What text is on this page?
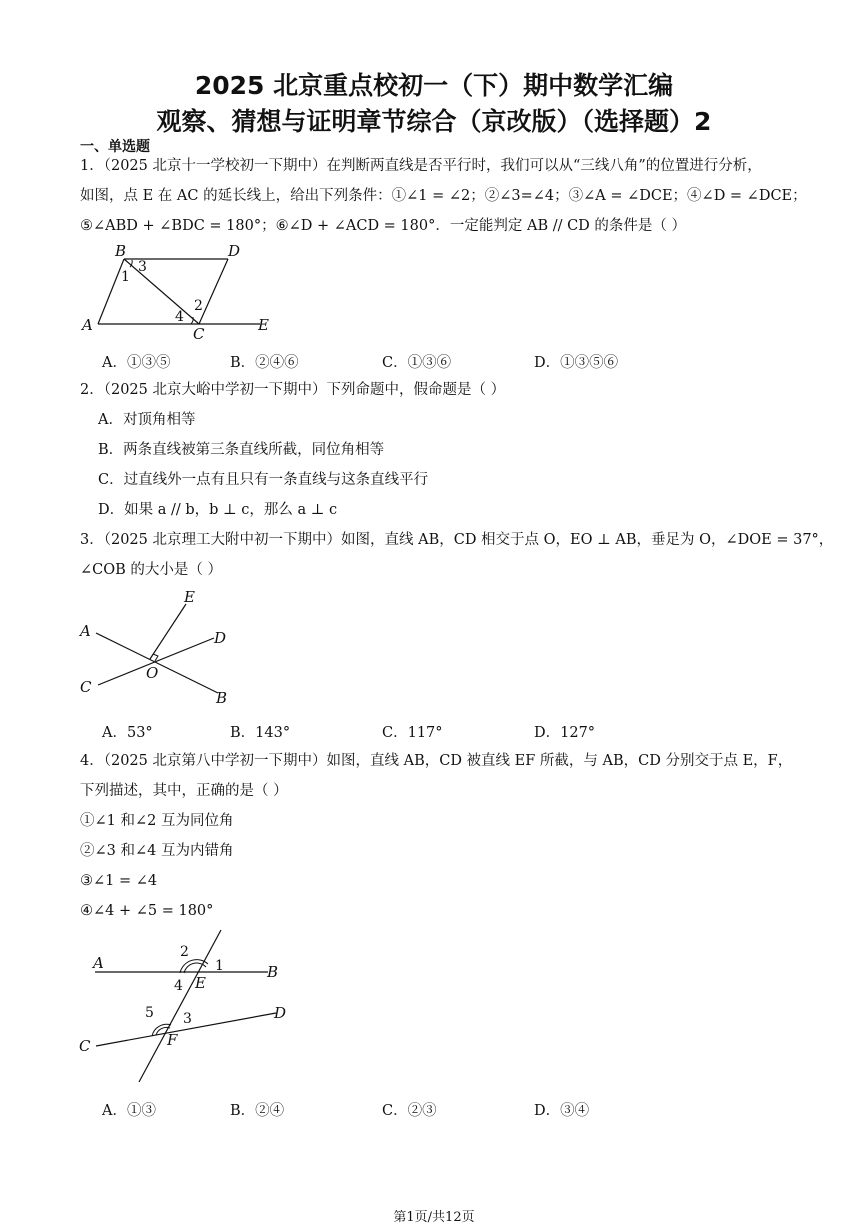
2025 北京重点校初一（下）期中数学汇编
观察、猜想与证明章节综合（京改版）（选择题）2
一、单选题
1．（2025 北京十一学校初一下期中）在判断两直线是否平行时，我们可以从“三线八角”的位置进行分析，
如图，点 E 在 AC 的延长线上，给出下列条件：①∠1 = ∠2；②∠3=∠4；③∠A = ∠DCE；④∠D = ∠DCE；
⑤∠ABD + ∠BDC = 180°；⑥∠D + ∠ACD = 180°．一定能判定 AB // CD 的条件是（ ）
B	D
A	C	E
1
2
3
4
A．①③⑤	B．②④⑥	C．①③⑥	D．①③⑤⑥
2．（2025 北京大峪中学初一下期中）下列命题中，假命题是（ ）
A．对顶角相等
B．两条直线被第三条直线所截，同位角相等
C．过直线外一点有且只有一条直线与这条直线平行
D．如果 a // b，b ⊥ c，那么 a ⊥ c
3．（2025 北京理工大附中初一下期中）如图，直线 AB，CD 相交于点 O，EO ⊥ AB，垂足为 O，∠DOE = 37°，
∠COB 的大小是（ ）
E
A	D
O
C
B
A．53°	B．143°	C．117°	D．127°
4．（2025 北京第八中学初一下期中）如图，直线 AB，CD 被直线 EF 所截，与 AB，CD 分别交于点 E，F，
下列描述，其中，正确的是（ ）
①∠1 和∠2 互为同位角
②∠3 和∠4 互为内错角
③∠1 = ∠4
④∠4 + ∠5 = 180°
A	B
E
C
D
F
1
2
3
4
5
A．①③	B．②④	C．②③	D．③④
第1页/共12页
